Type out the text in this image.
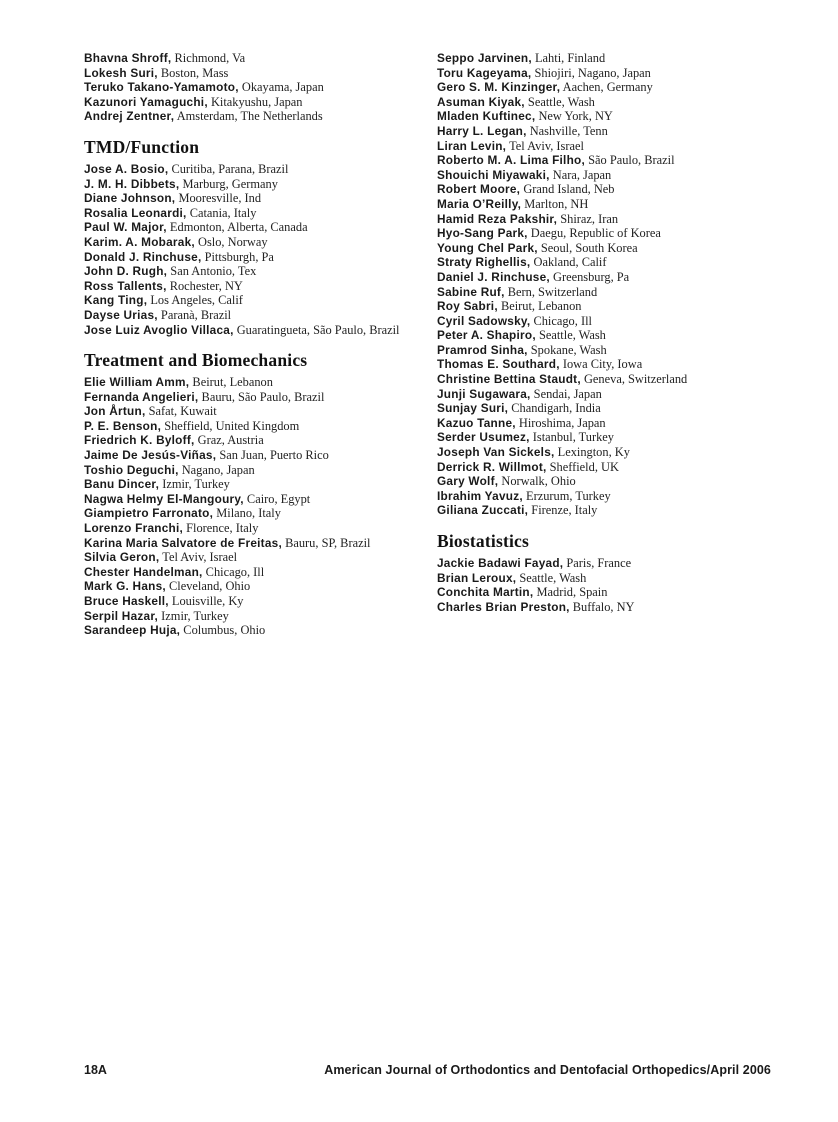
Bhavna Shroff, Richmond, Va
Lokesh Suri, Boston, Mass
Teruko Takano-Yamamoto, Okayama, Japan
Kazunori Yamaguchi, Kitakyushu, Japan
Andrej Zentner, Amsterdam, The Netherlands
TMD/Function
Jose A. Bosio, Curitiba, Parana, Brazil
J. M. H. Dibbets, Marburg, Germany
Diane Johnson, Mooresville, Ind
Rosalia Leonardi, Catania, Italy
Paul W. Major, Edmonton, Alberta, Canada
Karim. A. Mobarak, Oslo, Norway
Donald J. Rinchuse, Pittsburgh, Pa
John D. Rugh, San Antonio, Tex
Ross Tallents, Rochester, NY
Kang Ting, Los Angeles, Calif
Dayse Urias, Paranà, Brazil
Jose Luiz Avoglio Villaca, Guaratingueta, São Paulo, Brazil
Treatment and Biomechanics
Elie William Amm, Beirut, Lebanon
Fernanda Angelieri, Bauru, São Paulo, Brazil
Jon Årtun, Safat, Kuwait
P. E. Benson, Sheffield, United Kingdom
Friedrich K. Byloff, Graz, Austria
Jaime De Jesús-Viñas, San Juan, Puerto Rico
Toshio Deguchi, Nagano, Japan
Banu Dincer, Izmir, Turkey
Nagwa Helmy El-Mangoury, Cairo, Egypt
Giampietro Farronato, Milano, Italy
Lorenzo Franchi, Florence, Italy
Karina Maria Salvatore de Freitas, Bauru, SP, Brazil
Silvia Geron, Tel Aviv, Israel
Chester Handelman, Chicago, Ill
Mark G. Hans, Cleveland, Ohio
Bruce Haskell, Louisville, Ky
Serpil Hazar, Izmir, Turkey
Sarandeep Huja, Columbus, Ohio
Seppo Jarvinen, Lahti, Finland
Toru Kageyama, Shiojiri, Nagano, Japan
Gero S. M. Kinzinger, Aachen, Germany
Asuman Kiyak, Seattle, Wash
Mladen Kuftinec, New York, NY
Harry L. Legan, Nashville, Tenn
Liran Levin, Tel Aviv, Israel
Roberto M. A. Lima Filho, São Paulo, Brazil
Shouichi Miyawaki, Nara, Japan
Robert Moore, Grand Island, Neb
Maria O’Reilly, Marlton, NH
Hamid Reza Pakshir, Shiraz, Iran
Hyo-Sang Park, Daegu, Republic of Korea
Young Chel Park, Seoul, South Korea
Straty Righellis, Oakland, Calif
Daniel J. Rinchuse, Greensburg, Pa
Sabine Ruf, Bern, Switzerland
Roy Sabri, Beirut, Lebanon
Cyril Sadowsky, Chicago, Ill
Peter A. Shapiro, Seattle, Wash
Pramrod Sinha, Spokane, Wash
Thomas E. Southard, Iowa City, Iowa
Christine Bettina Staudt, Geneva, Switzerland
Junji Sugawara, Sendai, Japan
Sunjay Suri, Chandigarh, India
Kazuo Tanne, Hiroshima, Japan
Serder Usumez, Istanbul, Turkey
Joseph Van Sickels, Lexington, Ky
Derrick R. Willmot, Sheffield, UK
Gary Wolf, Norwalk, Ohio
Ibrahim Yavuz, Erzurum, Turkey
Giliana Zuccati, Firenze, Italy
Biostatistics
Jackie Badawi Fayad, Paris, France
Brian Leroux, Seattle, Wash
Conchita Martin, Madrid, Spain
Charles Brian Preston, Buffalo, NY
18A	American Journal of Orthodontics and Dentofacial Orthopedics/April 2006
